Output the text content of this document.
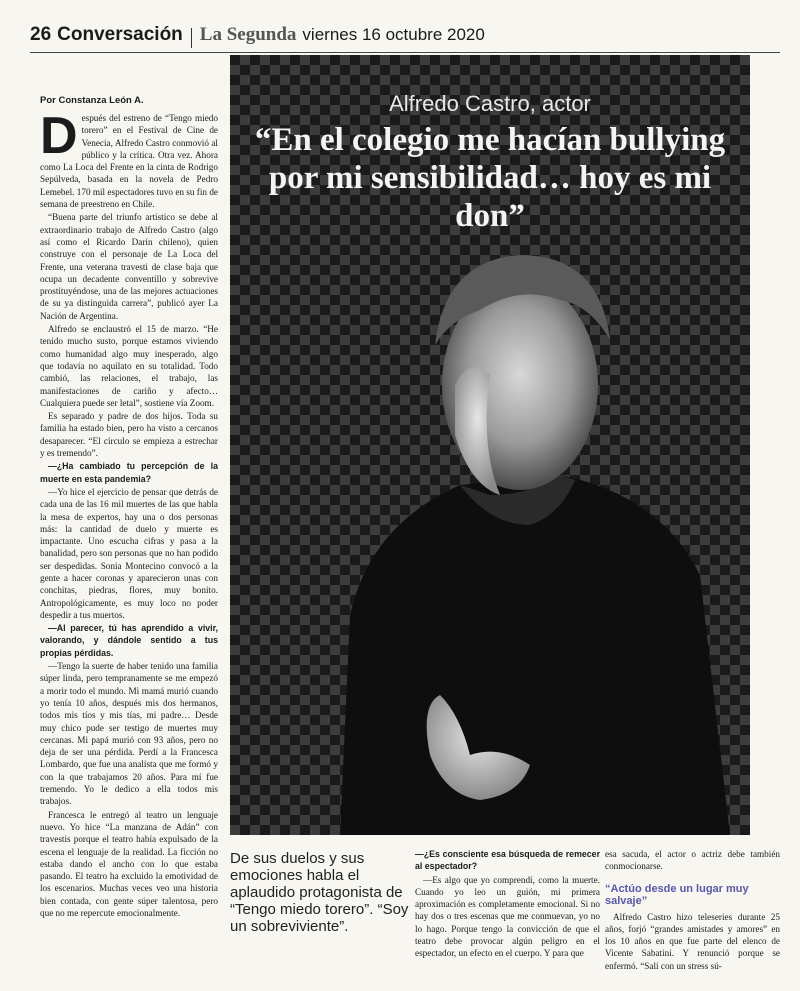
26 Conversación La Segunda viernes 16 octubre 2020
Por Constanza León A.

Después del estreno de “Tengo miedo torero” en el Festival de Cine de Venecia, Alfredo Castro conmovió al público y la crítica. Otra vez. Ahora como La Loca del Frente en la cinta de Rodrigo Sepúlveda, basada en la novela de Pedro Lemebel. 170 mil espectadores tuvo en su fin de semana de preestreno en Chile.

“Buena parte del triunfo artístico se debe al extraordinario trabajo de Alfredo Castro (algo así como el Ricardo Darín chileno), quien construye con el personaje de La Loca del Frente, una veterana travesti de clase baja que ocupa un decadente conventillo y sobrevive prostituyéndose, una de las mejores actuaciones de su ya distinguida carrera”, publicó ayer La Nación de Argentina.

Alfredo se enclaustró el 15 de marzo. “He tenido mucho susto, porque estamos viviendo como humanidad algo muy inesperado, algo que todavía no aquilato en su totalidad. Todo cambió, las relaciones, el trabajo, las manifestaciones de cariño y afecto… Cualquiera puede ser letal”, sostiene vía Zoom.

Es separado y padre de dos hijos. Toda su familia ha estado bien, pero ha visto a cercanos desaparecer. “El círculo se empieza a estrechar y es tremendo”.

—¿Ha cambiado tu percepción de la muerte en esta pandemia?

—Yo hice el ejercicio de pensar que detrás de cada una de las 16 mil muertes de las que habla la mesa de expertos, hay una o dos personas más: la cantidad de duelo y muerte es impactante. Uno escucha cifras y pasa a la banalidad, pero son personas que no han podido ser despedidas. Sonia Montecino convocó a la gente a hacer coronas y aparecieron unas con conchitas, piedras, flores, muy bonito. Antropológicamente, es muy loco no poder despedir a tus muertos.

—Al parecer, tú has aprendido a vivir, valorando, y dándole sentido a tus propias pérdidas.

—Tengo la suerte de haber tenido una familia súper linda, pero tempranamente se me empezó a morir todo el mundo. Mi mamá murió cuando yo tenía 10 años, después mis dos hermanos, todos mis tíos y mis tías, mi padre… Desde muy chico pude ser testigo de muertes muy cercanas. Mi papá murió con 93 años, pero no deja de ser una pérdida. Perdí a la Francesca Lombardo, que fue una analista que me formó y con la que trabajamos 20 años. Para mí fue tremendo. Yo le dedico a ella todos mis trabajos.

Francesca le entregó al teatro un lenguaje nuevo. Yo hice “La manzana de Adán” con travestis porque el teatro había expulsado de la escena el lenguaje de la realidad. La ficción no estaba dando el ancho con lo que estaba pasando. El teatro ha excluido la emotividad de los escenarios. Muchas veces veo una historia bien contada, con gente súper talentosa, pero que no me repercute emocionalmente.

Alfredo Castro, actor
“En el colegio me hacían bullying por mi sensibilidad… hoy es mi don”
De sus duelos y sus emociones habla el aplaudido protagonista de “Tengo miedo torero”. “Soy un sobreviviente”.

—¿Es consciente esa búsqueda de remecer al espectador?

—Es algo que yo comprendí, como la muerte. Cuando yo leo un guión, mi primera aproximación es completamente emocional. Si no hay dos o tres escenas que me conmuevan, yo no lo hago. Porque tengo la convicción de que el teatro debe provocar algún peligro en el espectador, un efecto en el cuerpo. Y para que

esa sacuda, el actor o actriz debe también conmocionarse.

“Actúo desde un lugar muy salvaje”

Alfredo Castro hizo teleseries durante 25 años, forjó “grandes amistades y amores” en los 10 años en que fue parte del elenco de Vicente Sabatini. Y renunció porque se enfermó. “Salí con un stress sú-
